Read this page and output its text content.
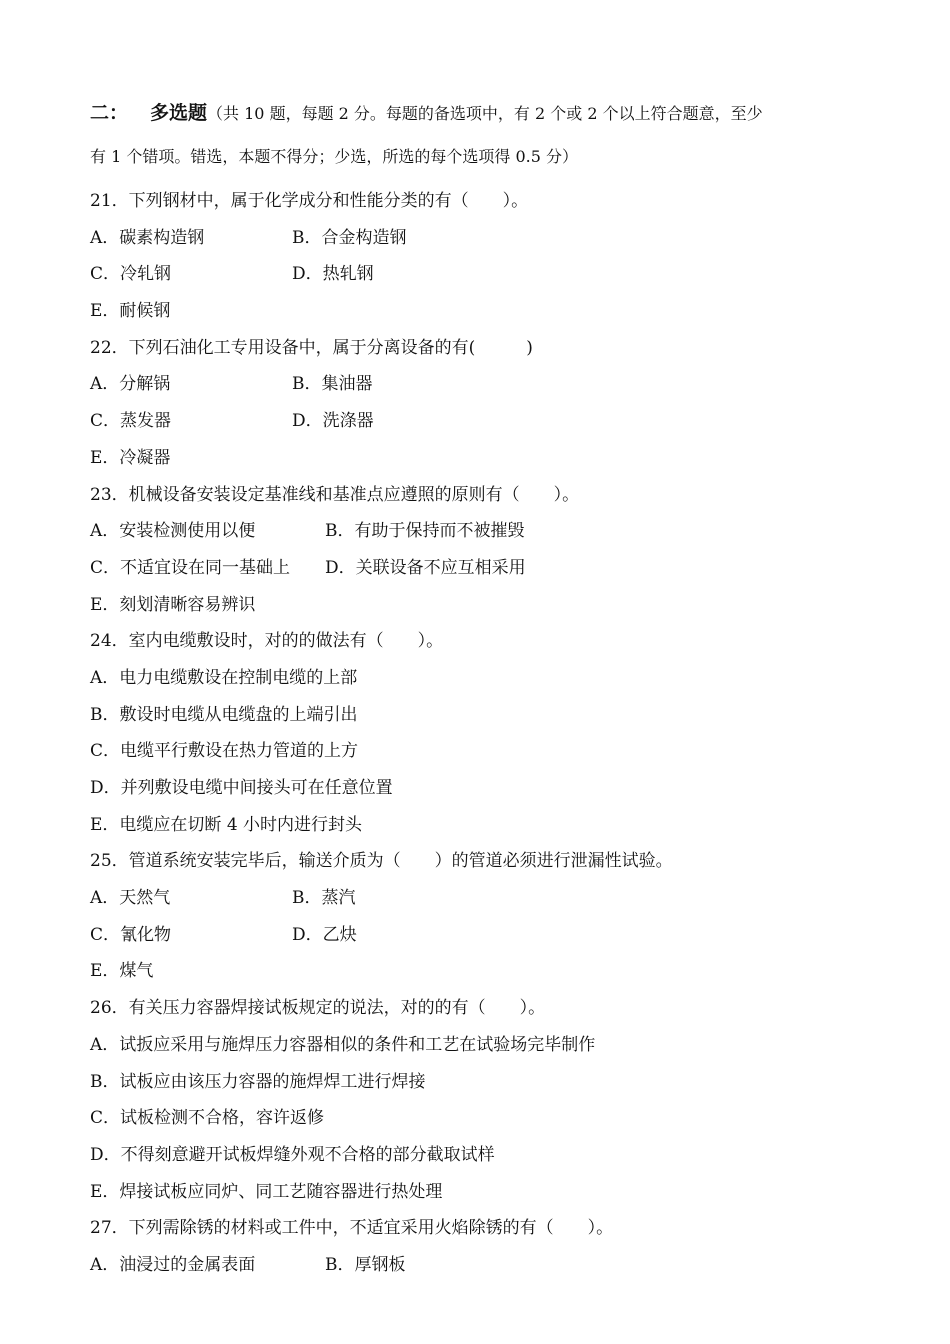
二： 多选题（共 10 题，每题 2 分。每题的备选项中，有 2 个或 2 个以上符合题意，至少
有 1 个错项。错选，本题不得分；少选，所选的每个选项得 0.5 分）
21．下列钢材中，属于化学成分和性能分类的有（　　）。
A．碳素构造钢	B．合金构造钢
C．冷轧钢	D．热轧钢
E．耐候钢
22．下列石油化工专用设备中，属于分离设备的有(　　　)
A．分解锅	B．集油器
C．蒸发器	D．洗涤器
E．冷凝器
23．机械设备安装设定基准线和基准点应遵照的原则有（　　）。
A．安装检测使用以便	B．有助于保持而不被摧毁
C．不适宜设在同一基础上 D．关联设备不应互相采用
E．刻划清晰容易辨识
24．室内电缆敷设时，对的的做法有（　　）。
A．电力电缆敷设在控制电缆的上部
B．敷设时电缆从电缆盘的上端引出
C．电缆平行敷设在热力管道的上方
D．并列敷设电缆中间接头可在任意位置
E．电缆应在切断 4 小时内进行封头
25．管道系统安装完毕后，输送介质为（　　）的管道必须进行泄漏性试验。
A．天然气	B．蒸汽
C．氰化物	D．乙炔
E．煤气
26．有关压力容器焊接试板规定的说法，对的的有（　　）。
A．试扳应采用与施焊压力容器相似的条件和工艺在试验场完毕制作
B．试板应由该压力容器的施焊焊工进行焊接
C．试板检测不合格，容许返修
D．不得刻意避开试板焊缝外观不合格的部分截取试样
E．焊接试板应同炉、同工艺随容器进行热处理
27．下列需除锈的材料或工件中，不适宜采用火焰除锈的有（　　）。
A．油浸过的金属表面	B．厚钢板
